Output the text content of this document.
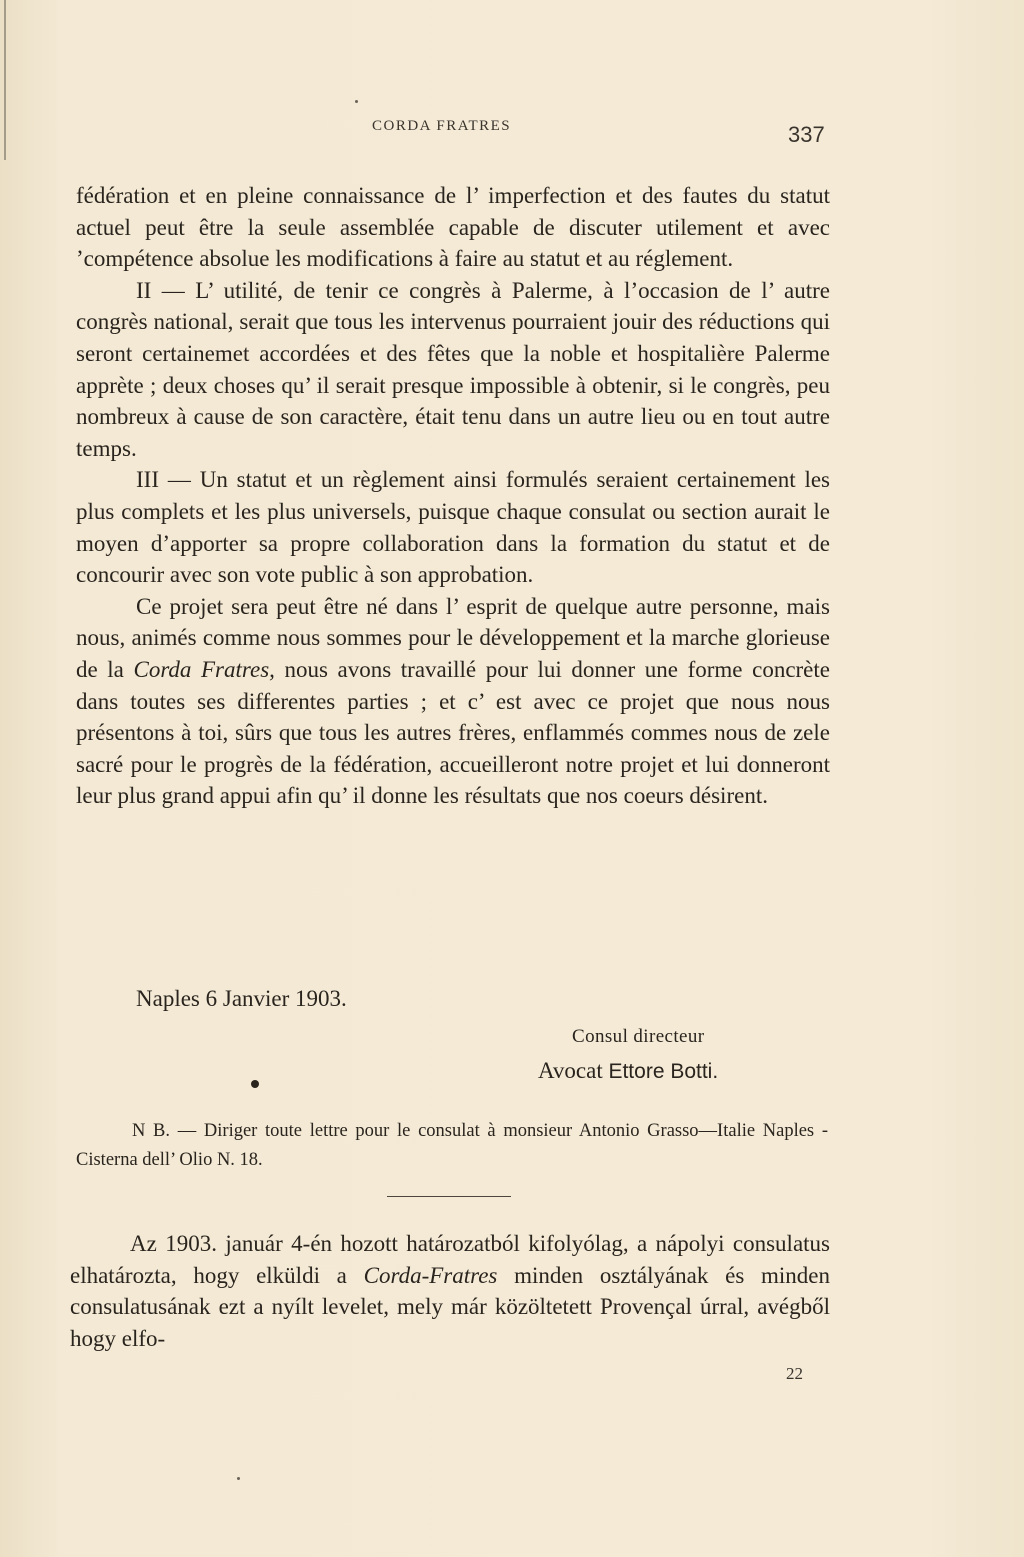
CORDA FRATRES	337

fédération et en pleine connaissance de l’ imperfection et des fautes du statut actuel peut être la seule assemblée capable de discuter utilement et avec ’compétence absolue les modifications à faire au statut et au réglement.

II — L’ utilité, de tenir ce congrès à Palerme, à l’occasion de l’ autre congrès national, serait que tous les intervenus pourraient jouir des réductions qui seront certainemet accordées et des fêtes que la noble et hospitalière Palerme apprète ; deux choses qu’ il serait presque impossible à obtenir, si le congrès, peu nombreux à cause de son caractère, était tenu dans un autre lieu ou en tout autre temps.

III — Un statut et un règlement ainsi formulés seraient certainement les plus complets et les plus universels, puisque chaque consulat ou section aurait le moyen d’apporter sa propre collaboration dans la formation du statut et de concourir avec son vote public à son approbation.

Ce projet sera peut être né dans l’ esprit de quelque autre personne, mais nous, animés comme nous sommes pour le développement et la marche glorieuse de la Corda Fratres, nous avons travaillé pour lui donner une forme concrète dans toutes ses differentes parties ; et c’ est avec ce projet que nous nous présentons à toi, sûrs que tous les autres frères, enflammés commes nous de zele sacré pour le progrès de la fédération, accueilleront notre projet et lui donneront leur plus grand appui afin qu’ il donne les résultats que nos coeurs désirent.

Naples 6 Janvier 1903.
Consul directeur
Avocat Ettore Botti.

N B. — Diriger toute lettre pour le consulat à monsieur Antonio Grasso—Italie Naples - Cisterna dell’ Olio N. 18.

Az 1903. január 4-én hozott határozatból kifolyólag, a nápolyi consulatus elhatározta, hogy elküldi a Corda-Fratres minden osztályának és minden consulatusának ezt a nyílt levelet, mely már közöltetett Provençal úrral, avégből hogy elfo-

22
